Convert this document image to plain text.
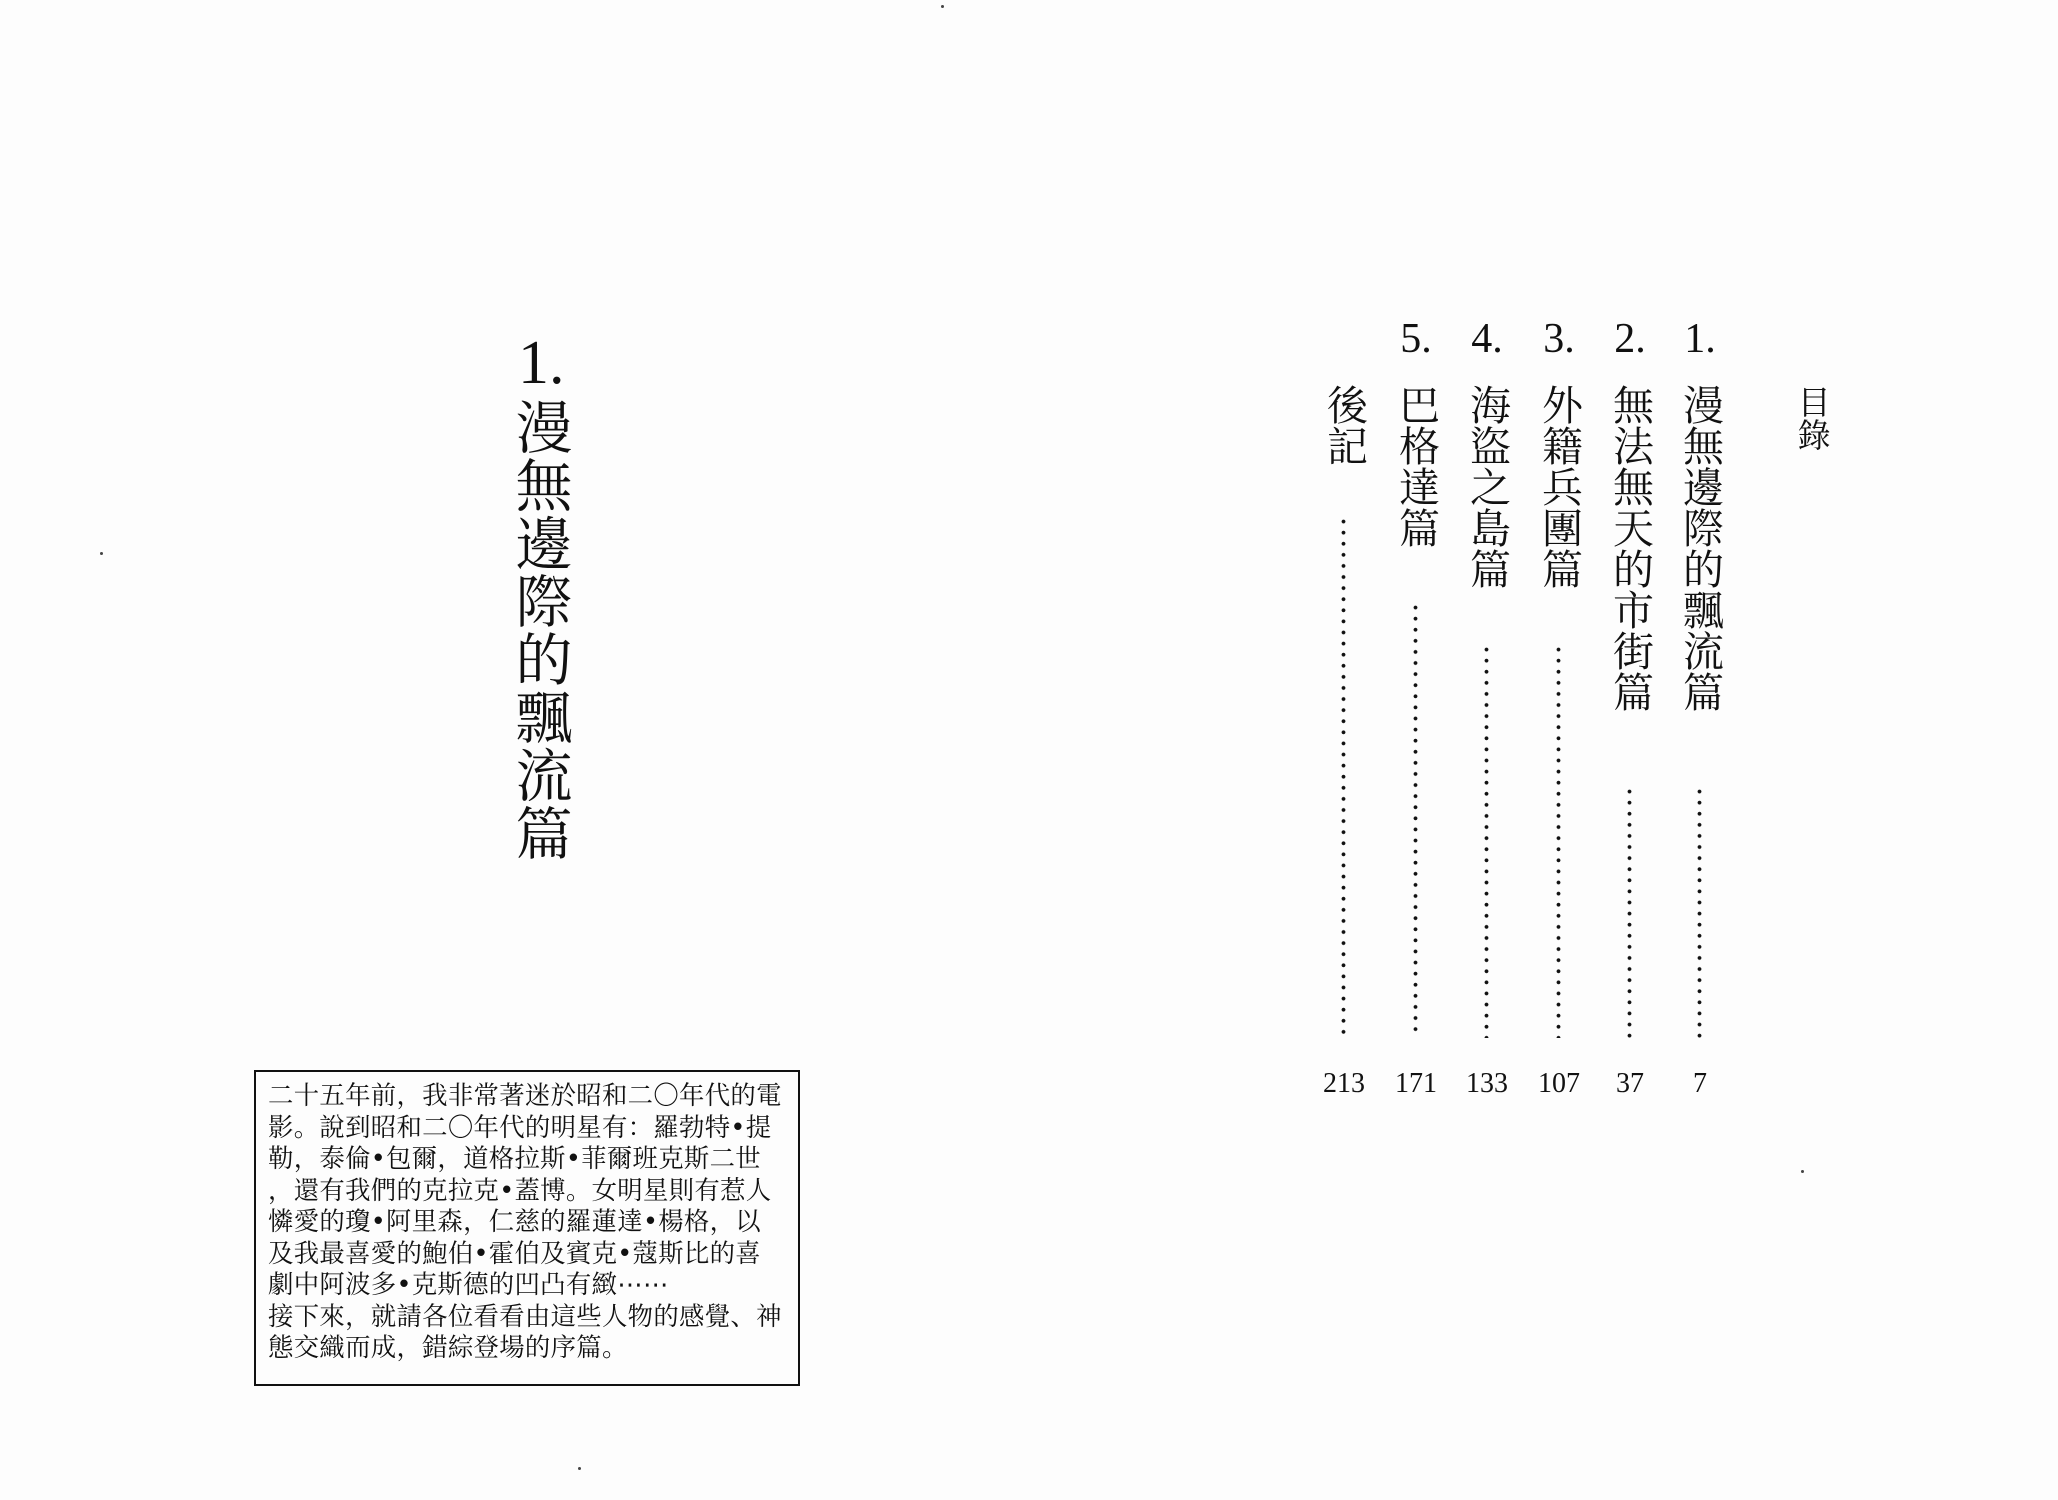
1.
漫無邊際的飄流篇

二十五年前，我非常著迷於昭和二〇年代的電

影。說到昭和二〇年代的明星有：羅勃特•提

勒，泰倫•包爾，道格拉斯•菲爾班克斯二世

，還有我們的克拉克•蓋博。女明星則有惹人

憐愛的瓊•阿里森，仁慈的羅蓮達•楊格，以

及我最喜愛的鮑伯•霍伯及賓克•蔻斯比的喜

劇中阿波多•克斯德的凹凸有緻⋯⋯

接下來，就請各位看看由這些人物的感覺、神

態交織而成，錯綜登場的序篇。

目錄
1.
漫無邊際的飄流篇
7
2.
無法無天的市街篇
37
3.
外籍兵團篇
107
4.
海盜之島篇
133
5.
巴格達篇
171
後記
213
